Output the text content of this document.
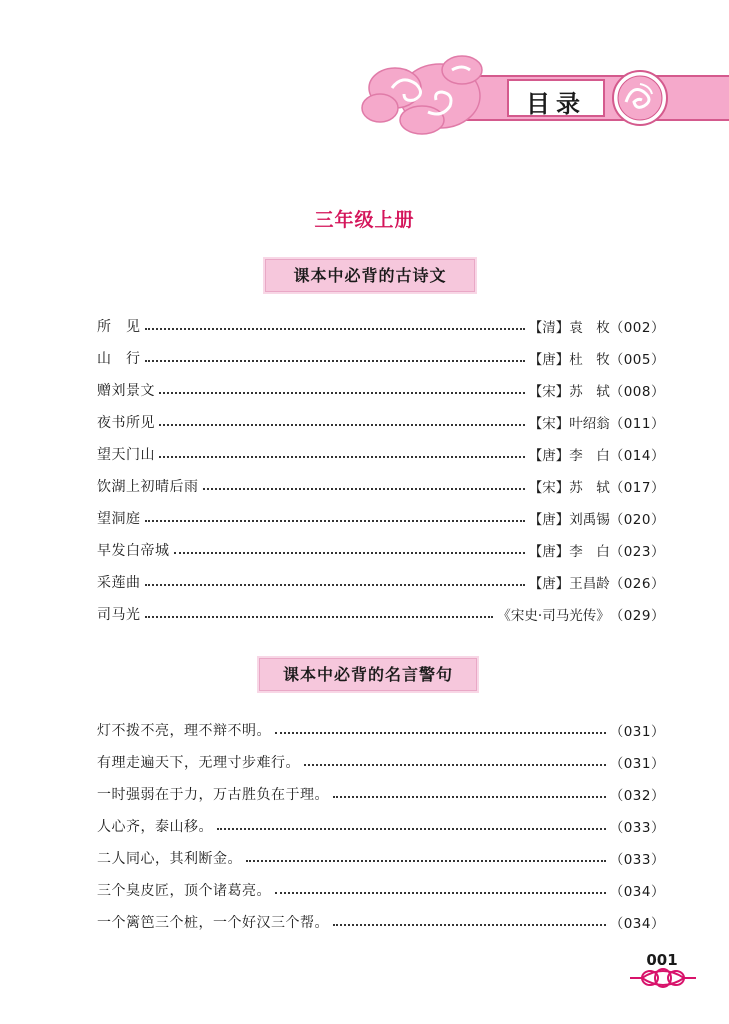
目录
三年级上册
课本中必背的古诗文
所　见	【清】袁　枚 （002）
山　行	【唐】杜　牧 （005）
赠刘景文	【宋】苏　轼 （008）
夜书所见	【宋】叶绍翁 （011）
望天门山	【唐】李　白 （014）
饮湖上初晴后雨	【宋】苏　轼 （017）
望洞庭	【唐】刘禹锡 （020）
早发白帝城	【唐】李　白 （023）
采莲曲	【唐】王昌龄 （026）
司马光	《宋史·司马光传》 （029）
课本中必背的名言警句
灯不拨不亮，理不辩不明。	（031）
有理走遍天下，无理寸步难行。	（031）
一时强弱在于力，万古胜负在于理。	（032）
人心齐，泰山移。	（033）
二人同心，其利断金。	（033）
三个臭皮匠，顶个诸葛亮。	（034）
一个篱笆三个桩，一个好汉三个帮。	（034）
001
